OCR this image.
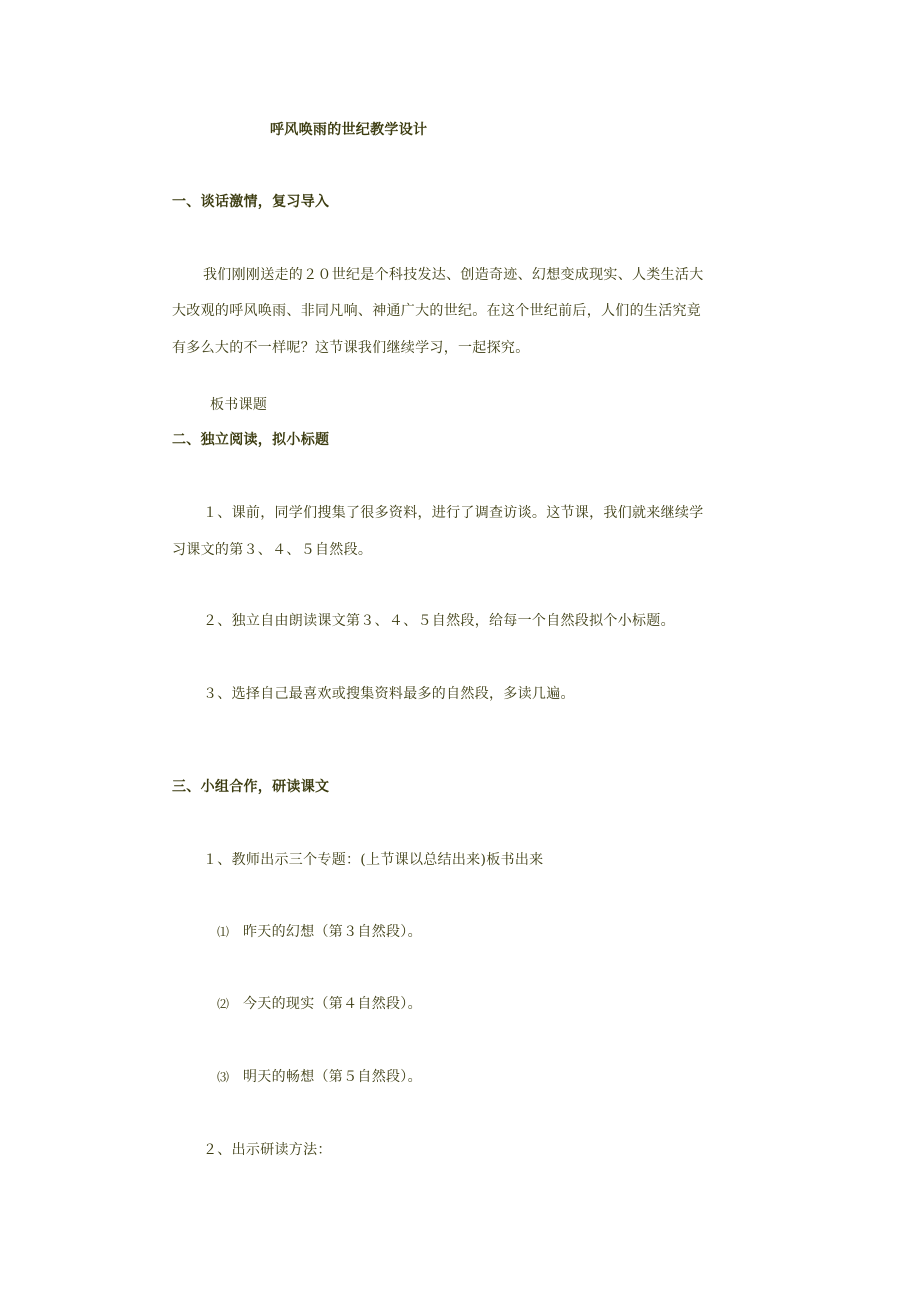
呼风唤雨的世纪教学设计
一、谈话激情，复习导入
我们刚刚送走的２０世纪是个科技发达、创造奇迹、幻想变成现实、人类生活大
大改观的呼风唤雨、非同凡响、神通广大的世纪。在这个世纪前后，人们的生活究竟
有多么大的不一样呢？这节课我们继续学习，一起探究。
板书课题
二、独立阅读，拟小标题
１、课前，同学们搜集了很多资料，进行了调查访谈。这节课，我们就来继续学
习课文的第３、４、５自然段。
２、独立自由朗读课文第３、４、５自然段，给每一个自然段拟个小标题。
３、选择自己最喜欢或搜集资料最多的自然段，多读几遍。
三、小组合作，研读课文
１、教师出示三个专题：(上节课以总结出来)板书出来
⑴ 昨天的幻想（第３自然段）。
⑵ 今天的现实（第４自然段）。
⑶ 明天的畅想（第５自然段）。
２、出示研读方法：
